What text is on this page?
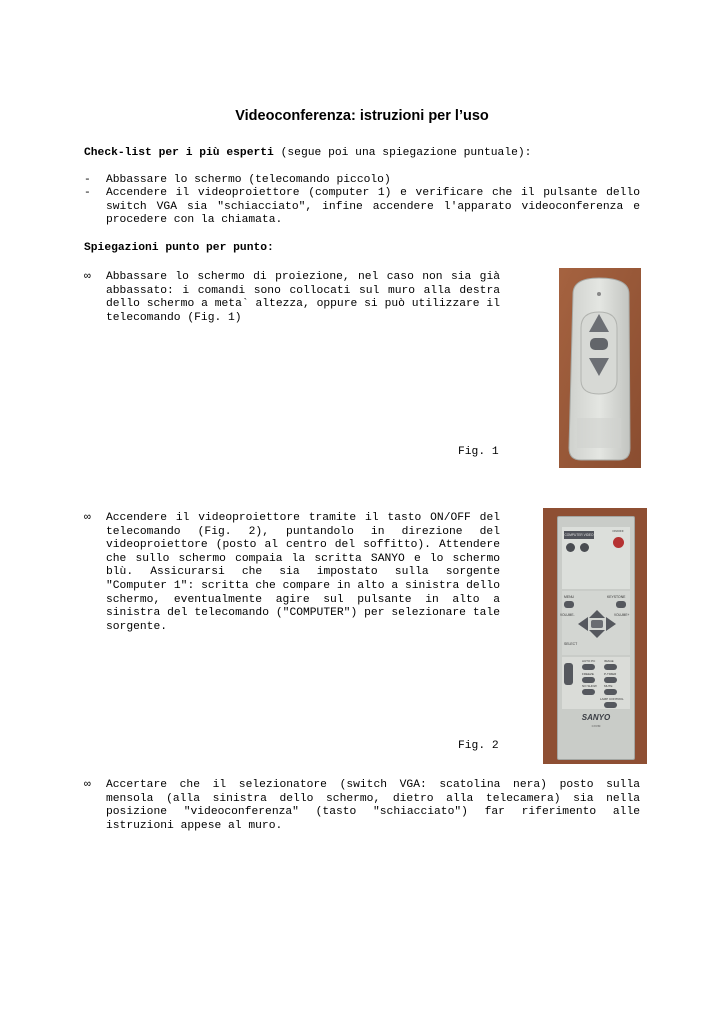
Videoconferenza: istruzioni per l’uso
Check-list per i più esperti (segue poi una spiegazione puntuale):
- Abbassare lo schermo (telecomando piccolo)
- Accendere il videoproiettore (computer 1) e verificare che il pulsante dello switch VGA sia "schiacciato", infine accendere l'apparato videoconferenza e procedere con la chiamata.
Spiegazioni punto per punto:
∞ Abbassare lo schermo di proiezione, nel caso non sia già abbassato: i comandi sono collocati sul muro alla destra dello schermo a meta` altezza, oppure si può utilizzare il telecomando (Fig. 1)
Fig. 1
∞ Accendere il videoproiettore tramite il tasto ON/OFF del telecomando (Fig. 2), puntandolo in direzione del videoproiettore (posto al centro del soffitto). Attendere che sullo schermo compaia la scritta SANYO e lo schermo blù. Assicurarsi che sia impostato sulla sorgente "Computer 1": scritta che compare in alto a sinistra dello schermo, eventualmente agire sul pulsante in alto a sinistra del telecomando ("COMPUTER") per selezionare tale sorgente.
Fig. 2
COMPUTER VIDEO
ON/OFF
MENU	KEYSTONE
VOLUME-	VOLUME+
SELECT
AUTO PC	IMAGE
FREEZE	P-TIMER
NO SHOW MUTE
LAMP CONTROL
SANYO
CXVM
∞ Accertare che il selezionatore (switch VGA: scatolina nera) posto sulla mensola (alla sinistra dello schermo, dietro alla telecamera) sia nella posizione "videoconferenza" (tasto "schiacciato") far riferimento alle istruzioni appese al muro.
